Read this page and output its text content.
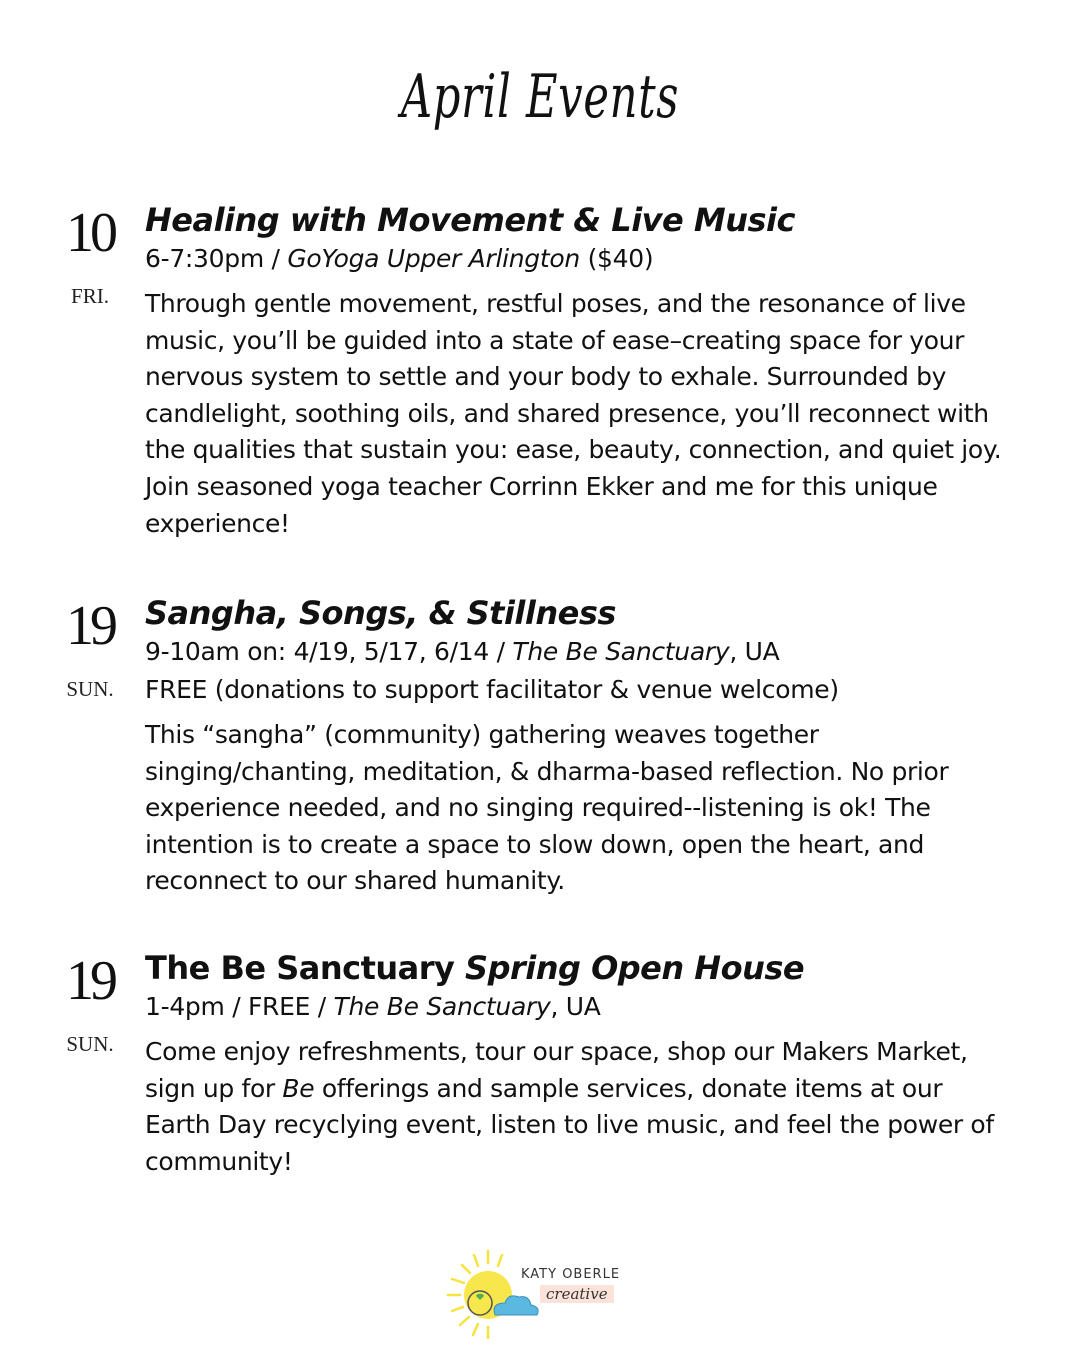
April Events
10
FRI.
Healing with Movement & Live Music
6-7:30pm / GoYoga Upper Arlington ($40)
Through gentle movement, restful poses, and the resonance of live music, you’ll be guided into a state of ease–creating space for your nervous system to settle and your body to exhale. Surrounded by candlelight, soothing oils, and shared presence, you’ll reconnect with the qualities that sustain you: ease, beauty, connection, and quiet joy. Join seasoned yoga teacher Corrinn Ekker and me for this unique experience!
19
SUN.
Sangha, Songs, & Stillness
9-10am on: 4/19, 5/17, 6/14 / The Be Sanctuary, UA
FREE (donations to support facilitator & venue welcome)
This “sangha” (community) gathering weaves together singing/chanting, meditation, & dharma-based reflection. No prior experience needed, and no singing required--listening is ok! The intention is to create a space to slow down, open the heart, and reconnect to our shared humanity.
19
SUN.
The Be Sanctuary Spring Open House
1-4pm / FREE / The Be Sanctuary, UA
Come enjoy refreshments, tour our space, shop our Makers Market, sign up for Be offerings and sample services, donate items at our Earth Day recyclying event, listen to live music, and feel the power of community!
KATY OBERLE
creative
